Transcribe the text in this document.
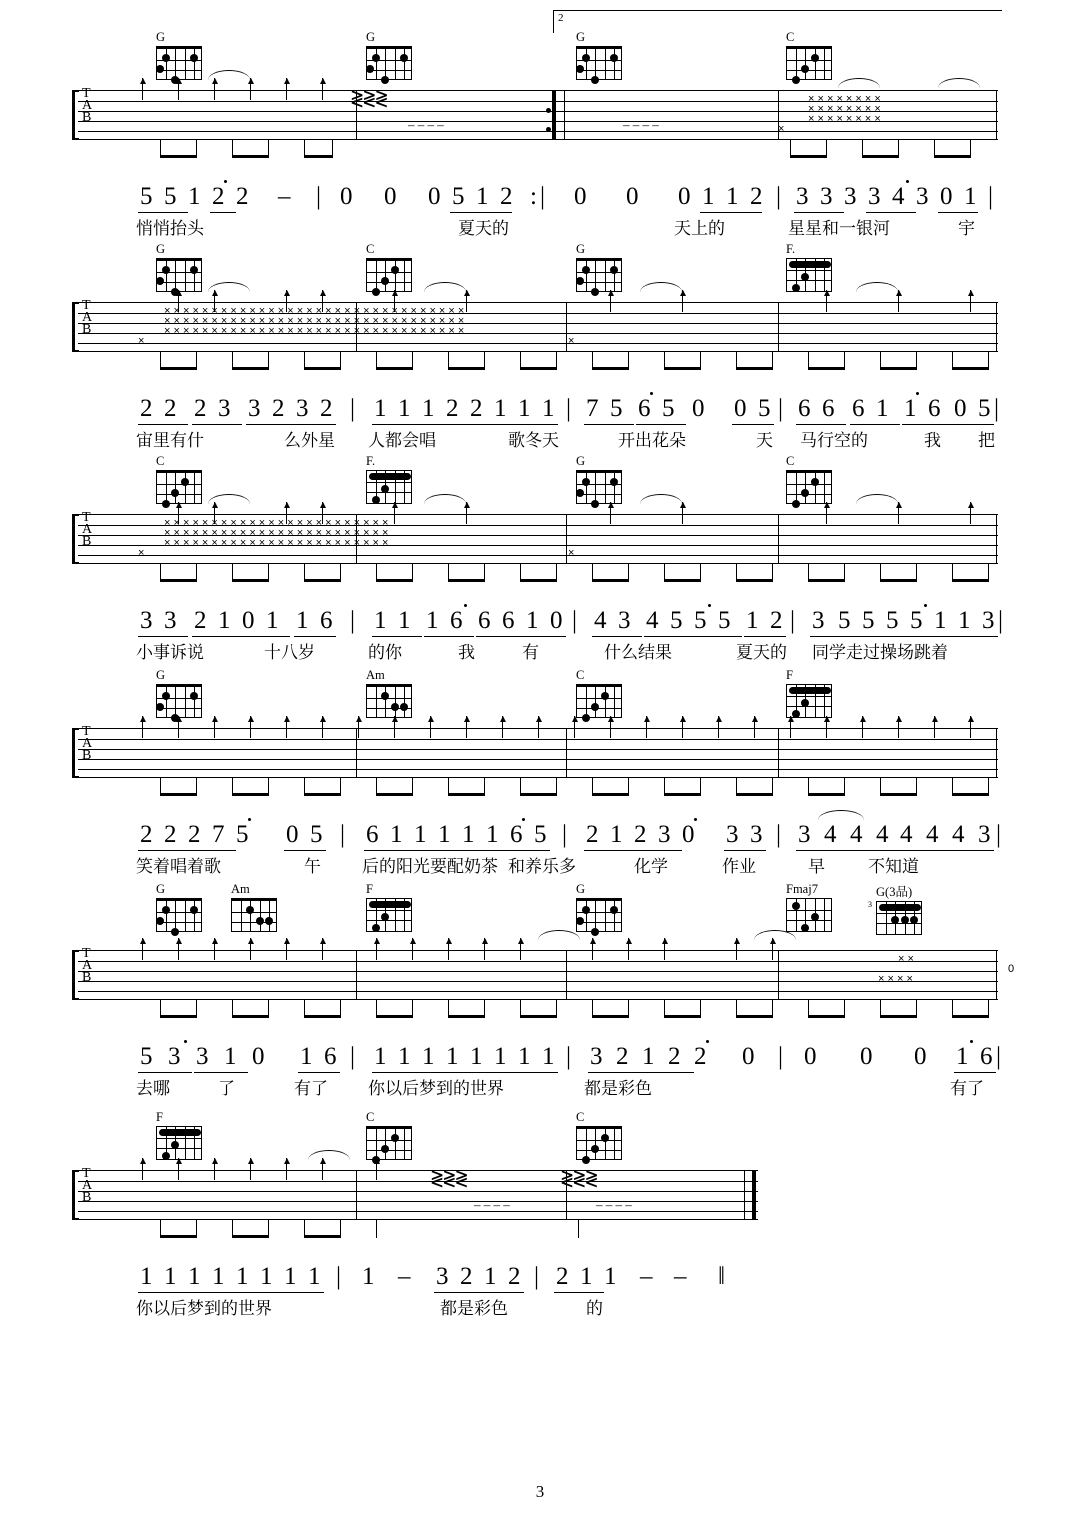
2
G	G	G	C
T
A
B
≷≷≷
– – – –	– – – –
× × × × × × × ×
× × × × × × × ×
× × × × × × × ×
×
5 5 1 2 2 – | 0 0 0 5 1 2 : | 0 0 0 1 1 2 | 3 3 3 3 4 3 0 1 |
悄悄抬头	夏天的	天上的	星星和一银河	宇
G	C	G	F.
T
A
B
× × × × × × × × × × × × × × × × × × × × × × × × × × × × × × × ×
× × × × × × × × × × × × × × × × × × × × × × × × × × × × × × × ×
× × × × × × × × × × × × × × × × × × × × × × × × × × × × × × × ×
×	×
2 2 2 3 3 2 3 2 | 1 1 1 2 2 1 1 1 | 7 5 6 5 0 0 5 | 6 6 6 1 1 6 0 5 |
宙里有什	么外星 人都会唱	歌冬天	开出花朵	天 马行空的	我 把
C	F.	G	C
T
A
B
× × × × × × × × × × × × × × × × × × × × × × × ×
× × × × × × × × × × × × × × × × × × × × × × × ×
× × × × × × × × × × × × × × × × × × × × × × × ×
×	×
3 3 2 1 0 1 1 6 | 1 1 1 6 6 6 1 0 | 4 3 4 5 5 5 1 2 | 3 5 5 5 5 1 1 3 |
小事诉说	十八岁	的你	我	有	什么结果	夏天的 同学走过操场跳着
G	Am	C	F
T
A
B
2 2 2 7 5 0 5 | 6 1 1 1 1 1 6 5 | 2 1 2 3 0 3 3 | 3 4 4 4 4 4 4 3 |
笑着唱着歌	午 后的阳光要配奶茶 和养乐多	化学	作业	早	不知道
G	Am	F	G	Fmaj7	G(3品)
3
T
A
B
× ×
× × × ×
0
5 3 3 1 0 1 6 | 1 1 1 1 1 1 1 1 | 3 2 1 2 2 0 | 0 0 0 1 6 |
去哪	了	有了 你以后梦到的世界	都是彩色	有了
F	C	C
T
A
B
≷≷≷	≷≷≷
– – – –	– – – –
1 1 1 1 1 1 1 1 | 1 – 3 2 1 2 | 2 1 1 – – ‖
你以后梦到的世界	都是彩色	的
3
